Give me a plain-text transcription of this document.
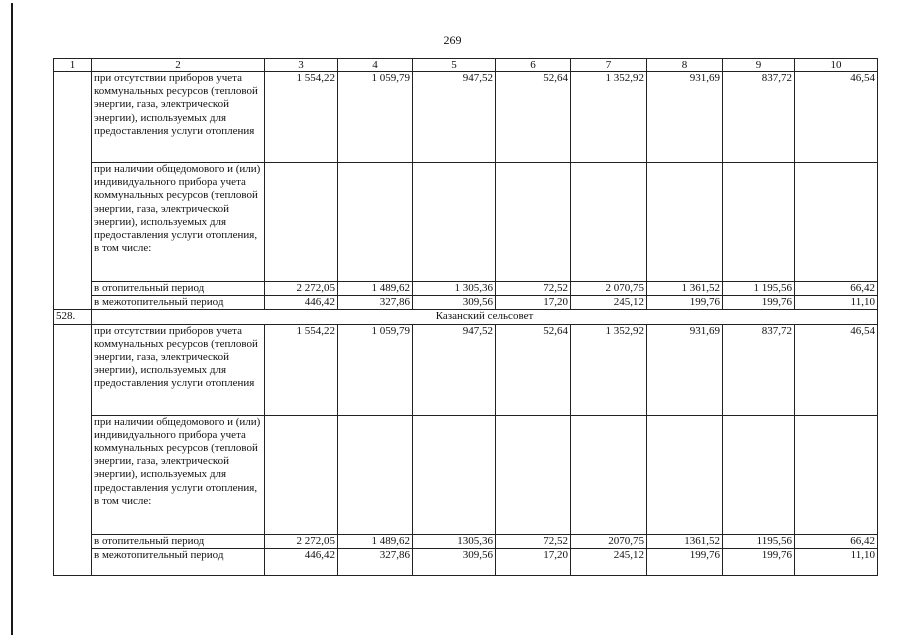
269
1	2	3	4	5	6	7	8	9	10
	при отсутствии приборов учета коммунальных ресурсов (тепловой энергии, газа, электрической энергии), используемых для предоставления услуги отопления	1 554,22	1 059,79	947,52	52,64	1 352,92	931,69	837,72	46,54
	при наличии общедомового и (или) индивидуального прибора учета коммунальных ресурсов (тепловой энергии, газа, электрической энергии), используемых для предоставления услуги отопления, в том числе:								
	в отопительный период	2 272,05	1 489,62	1 305,36	72,52	2 070,75	1 361,52	1 195,56	66,42
	в межотопительный период	446,42	327,86	309,56	17,20	245,12	199,76	199,76	11,10
528.	Казанский сельсовет								
	при отсутствии приборов учета коммунальных ресурсов (тепловой энергии, газа, электрической энергии), используемых для предоставления услуги отопления	1 554,22	1 059,79	947,52	52,64	1 352,92	931,69	837,72	46,54
	при наличии общедомового и (или) индивидуального прибора учета коммунальных ресурсов (тепловой энергии, газа, электрической энергии), используемых для предоставления услуги отопления, в том числе:								
	в отопительный период	2 272,05	1 489,62	1305,36	72,52	2070,75	1361,52	1195,56	66,42
	в межотопительный период	446,42	327,86	309,56	17,20	245,12	199,76	199,76	11,10
